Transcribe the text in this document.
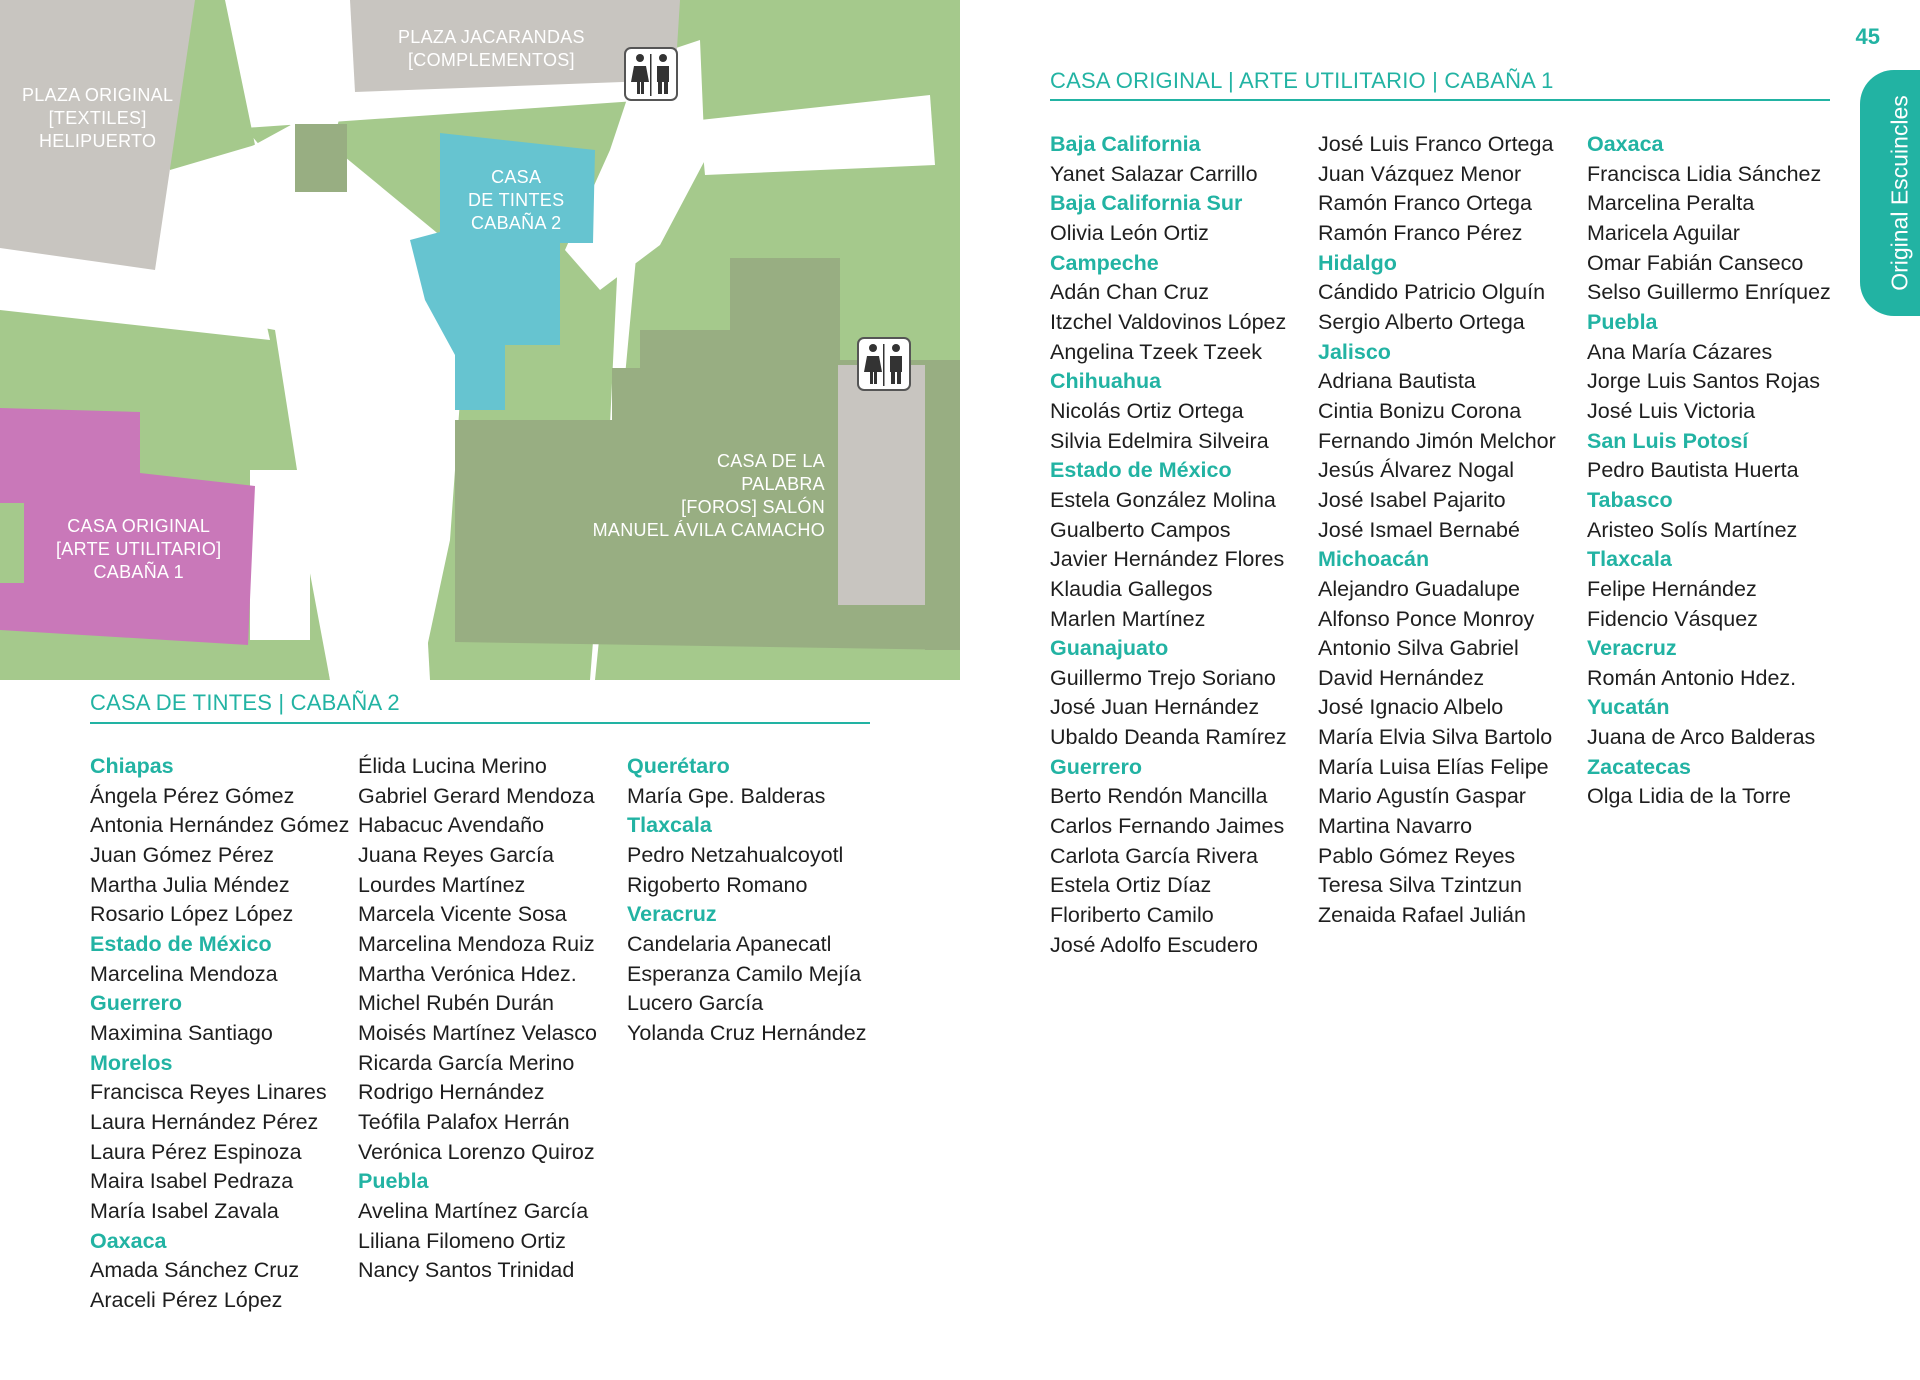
PLAZA JACARANDAS
[COMPLEMENTOS]
PLAZA ORIGINAL
[TEXTILES]
HELIPUERTO
CASA
DE TINTES
CABAÑA 2
CASA DE LA
PALABRA
[FOROS] SALÓN
MANUEL ÁVILA CAMACHO
CASA ORIGINAL
[ARTE UTILITARIO]
CABAÑA 1
45
Original Escuincles
CASA DE TINTES | CABAÑA 2
Chiapas
Ángela Pérez Gómez
Antonia Hernández Gómez
Juan Gómez Pérez
Martha Julia Méndez
Rosario López López
Estado de México
Marcelina Mendoza
Guerrero
Maximina Santiago
Morelos
Francisca Reyes Linares
Laura Hernández Pérez
Laura Pérez Espinoza
Maira Isabel Pedraza
María Isabel Zavala
Oaxaca
Amada Sánchez Cruz
Araceli Pérez López
Élida Lucina Merino
Gabriel Gerard Mendoza
Habacuc Avendaño
Juana Reyes García
Lourdes Martínez
Marcela Vicente Sosa
Marcelina Mendoza Ruiz
Martha Verónica Hdez.
Michel Rubén Durán
Moisés Martínez Velasco
Ricarda García Merino
Rodrigo Hernández
Teófila Palafox Herrán
Verónica Lorenzo Quiroz
Puebla
Avelina Martínez García
Liliana Filomeno Ortiz
Nancy Santos Trinidad
Querétaro
María Gpe. Balderas
Tlaxcala
Pedro Netzahualcoyotl
Rigoberto Romano
Veracruz
Candelaria Apanecatl
Esperanza Camilo Mejía
Lucero García
Yolanda Cruz Hernández
CASA ORIGINAL | ARTE UTILITARIO | CABAÑA 1
Baja California
Yanet Salazar Carrillo
Baja California Sur
Olivia León Ortiz
Campeche
Adán Chan Cruz
Itzchel Valdovinos López
Angelina Tzeek Tzeek
Chihuahua
Nicolás Ortiz Ortega
Silvia Edelmira Silveira
Estado de México
Estela González Molina
Gualberto Campos
Javier Hernández Flores
Klaudia Gallegos
Marlen Martínez
Guanajuato
Guillermo Trejo Soriano
José Juan Hernández
Ubaldo Deanda Ramírez
Guerrero
Berto Rendón Mancilla
Carlos Fernando Jaimes
Carlota García Rivera
Estela Ortiz Díaz
Floriberto Camilo
José Adolfo Escudero
José Luis Franco Ortega
Juan Vázquez Menor
Ramón Franco Ortega
Ramón Franco Pérez
Hidalgo
Cándido Patricio Olguín
Sergio Alberto Ortega
Jalisco
Adriana Bautista
Cintia Bonizu Corona
Fernando Jimón Melchor
Jesús Álvarez Nogal
José Isabel Pajarito
José Ismael Bernabé
Michoacán
Alejandro Guadalupe
Alfonso Ponce Monroy
Antonio Silva Gabriel
David Hernández
José Ignacio Albelo
María Elvia Silva Bartolo
María Luisa Elías Felipe
Mario Agustín Gaspar
Martina Navarro
Pablo Gómez Reyes
Teresa Silva Tzintzun
Zenaida Rafael Julián
Oaxaca
Francisca Lidia Sánchez
Marcelina Peralta
Maricela Aguilar
Omar Fabián Canseco
Selso Guillermo Enríquez
Puebla
Ana María Cázares
Jorge Luis Santos Rojas
José Luis Victoria
San Luis Potosí
Pedro Bautista Huerta
Tabasco
Aristeo Solís Martínez
Tlaxcala
Felipe Hernández
Fidencio Vásquez
Veracruz
Román Antonio Hdez.
Yucatán
Juana de Arco Balderas
Zacatecas
Olga Lidia de la Torre
